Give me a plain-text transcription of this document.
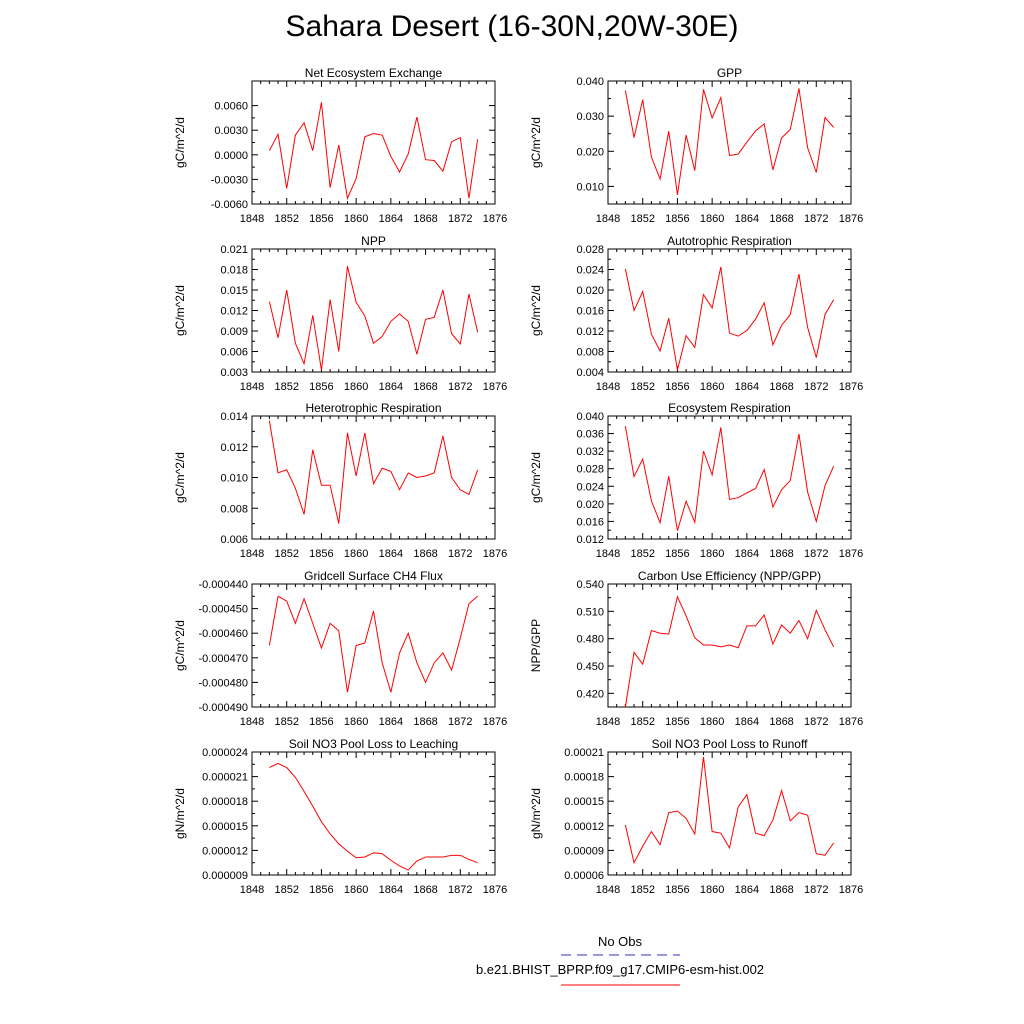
Sahara Desert (16-30N,20W-30E)
Net Ecosystem Exchange
1848 1852 1856 1860 1864 1868 1872 1876
-0.0060
-0.0030
0.0000
0.0030
0.0060
gC/m^2/d
GPP
1848 1852 1856 1860 1864 1868 1872 1876
0.010
0.020
0.030
0.040
gC/m^2/d
NPP
1848 1852 1856 1860 1864 1868 1872 1876
0.003
0.006
0.009
0.012
0.015
0.018
0.021
gC/m^2/d
Autotrophic Respiration
1848 1852 1856 1860 1864 1868 1872 1876
0.004
0.008
0.012
0.016
0.020
0.024
0.028
gC/m^2/d
Heterotrophic Respiration
1848 1852 1856 1860 1864 1868 1872 1876
0.006
0.008
0.010
0.012
0.014
gC/m^2/d
Ecosystem Respiration
1848 1852 1856 1860 1864 1868 1872 1876
0.012
0.016
0.020
0.024
0.028
0.032
0.036
0.040
gC/m^2/d
Gridcell Surface CH4 Flux
1848 1852 1856 1860 1864 1868 1872 1876
-0.000490
-0.000480
-0.000470
-0.000460
-0.000450
-0.000440
gC/m^2/d
Carbon Use Efficiency (NPP/GPP)
1848 1852 1856 1860 1864 1868 1872 1876
0.420
0.450
0.480
0.510
0.540
NPP/GPP
Soil NO3 Pool Loss to Leaching
1848 1852 1856 1860 1864 1868 1872 1876
0.000009
0.000012
0.000015
0.000018
0.000021
0.000024
gN/m^2/d
Soil NO3 Pool Loss to Runoff
1848 1852 1856 1860 1864 1868 1872 1876
0.00006
0.00009
0.00012
0.00015
0.00018
0.00021
gN/m^2/d
No Obs
b.e21.BHIST_BPRP.f09_g17.CMIP6-esm-hist.002
